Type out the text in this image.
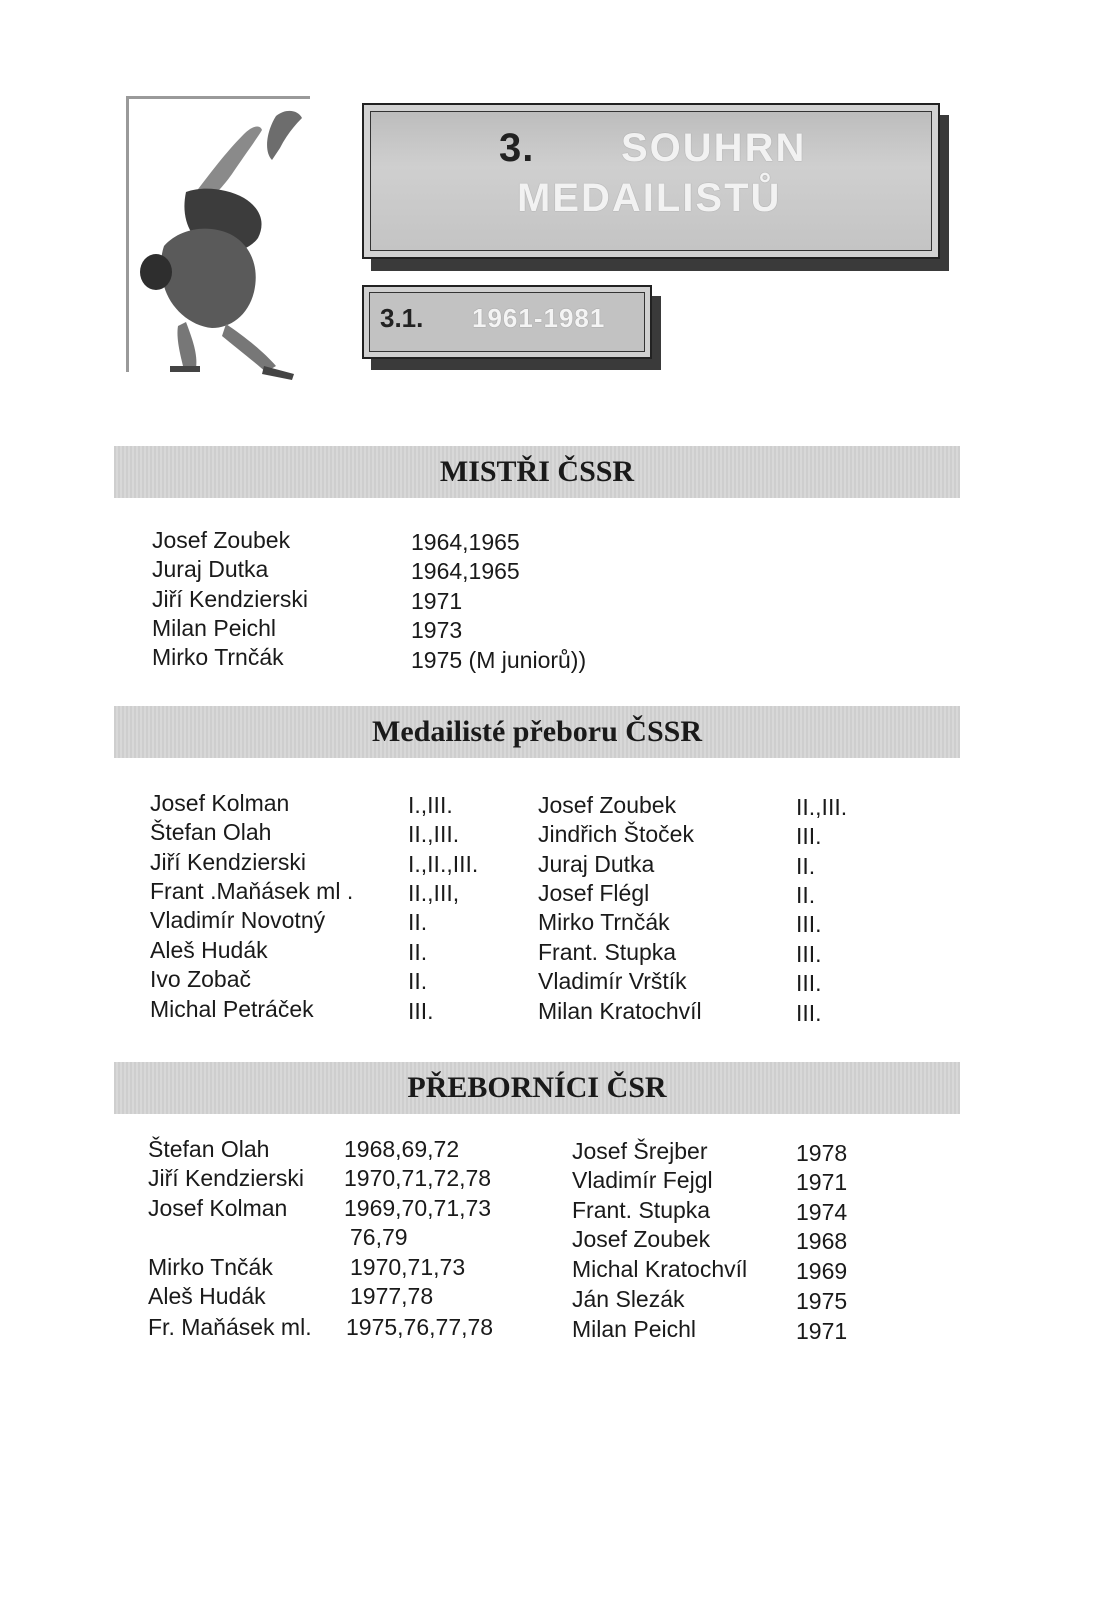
3. SOUHRN
MEDAILISTŮ
3.1. 1961-1981
MISTŘI ČSSR
Josef Zoubek	1964,1965
Juraj Dutka	1964,1965
Jiří Kendzierski	1971
Milan Peichl	1973
Mirko Trnčák	1975 (M juniorů))
Medailisté přeboru ČSSR
Josef Kolman	I.,III.
Štefan Olah	II.,III.
Jiří Kendzierski	I.,II.,III.
Frant .Maňásek ml . II.,III,
Vladimír Novotný	II.
Aleš Hudák	II.
Ivo Zobač	II.
Michal Petráček	III.
Josef Zoubek	II.,III.
Jindřich Štoček	III.
Juraj Dutka	II.
Josef Flégl	II.
Mirko Trnčák	III.
Frant. Stupka	III.
Vladimír Vrštík	III.
Milan Kratochvíl	III.
PŘEBORNÍCI ČSR
Štefan Olah	1968,69,72
Jiří Kendzierski 1970,71,72,78
Josef Kolman 1969,70,71,73
76,79
Mirko Tnčák	1970,71,73
Aleš Hudák	1977,78
Fr. Maňásek ml. 1975,76,77,78
Josef Šrejber	1978
Vladimír Fejgl	1971
Frant. Stupka	1974
Josef Zoubek	1968
Michal Kratochvíl 1969
Ján Slezák	1975
Milan Peichl	1971
